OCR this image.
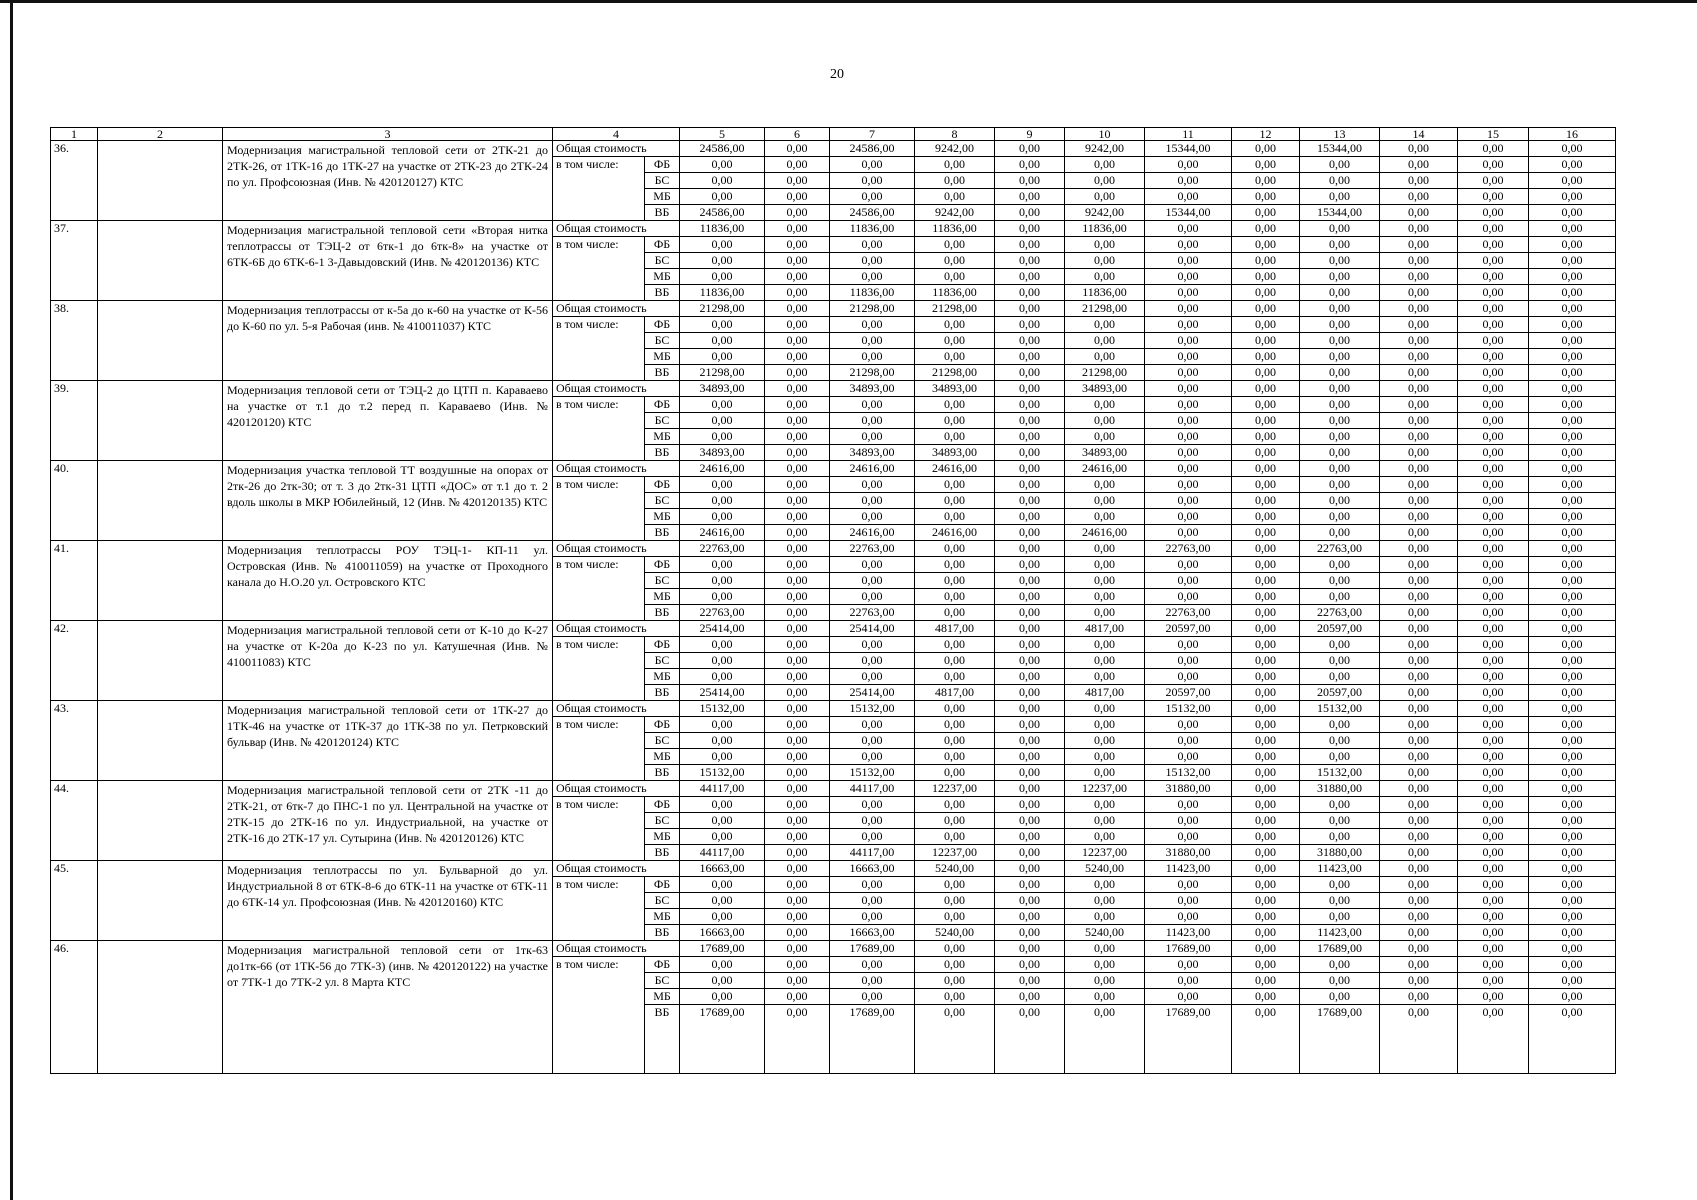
20
1	2	3	4		5	6	7	8	9	10	11	12	13	14	15	16
36.		Модернизация магистральной тепловой сети от 2ТК-21 до 2ТК-26, от 1ТК-16 до 1ТК-27 на участке от 2ТК-23 до 2ТК-24 по ул. Профсоюзная (Инв. № 420120127) КТС	Общая стоимость		24586,00	0,00	24586,00	9242,00	0,00	9242,00	15344,00	0,00	15344,00	0,00	0,00	0,00
			в том числе:	ФБ	0,00	0,00	0,00	0,00	0,00	0,00	0,00	0,00	0,00	0,00	0,00	0,00
				БС	0,00	0,00	0,00	0,00	0,00	0,00	0,00	0,00	0,00	0,00	0,00	0,00
				МБ	0,00	0,00	0,00	0,00	0,00	0,00	0,00	0,00	0,00	0,00	0,00	0,00
				ВБ	24586,00	0,00	24586,00	9242,00	0,00	9242,00	15344,00	0,00	15344,00	0,00	0,00	0,00
37.		Модернизация магистральной тепловой сети «Вторая нитка теплотрассы от ТЭЦ-2 от 6тк-1 до 6тк-8» на участке от 6ТК-6Б до 6ТК-6-1 3-Давыдовский (Инв. № 420120136) КТС	Общая стоимость		11836,00	0,00	11836,00	11836,00	0,00	11836,00	0,00	0,00	0,00	0,00	0,00	0,00
			в том числе:	ФБ	0,00	0,00	0,00	0,00	0,00	0,00	0,00	0,00	0,00	0,00	0,00	0,00
				БС	0,00	0,00	0,00	0,00	0,00	0,00	0,00	0,00	0,00	0,00	0,00	0,00
				МБ	0,00	0,00	0,00	0,00	0,00	0,00	0,00	0,00	0,00	0,00	0,00	0,00
				ВБ	11836,00	0,00	11836,00	11836,00	0,00	11836,00	0,00	0,00	0,00	0,00	0,00	0,00
38.		Модернизация теплотрассы от к-5а до к-60 на участке от К-56 до К-60 по ул. 5-я Рабочая (инв. № 410011037) КТС	Общая стоимость		21298,00	0,00	21298,00	21298,00	0,00	21298,00	0,00	0,00	0,00	0,00	0,00	0,00
			в том числе:	ФБ	0,00	0,00	0,00	0,00	0,00	0,00	0,00	0,00	0,00	0,00	0,00	0,00
				БС	0,00	0,00	0,00	0,00	0,00	0,00	0,00	0,00	0,00	0,00	0,00	0,00
				МБ	0,00	0,00	0,00	0,00	0,00	0,00	0,00	0,00	0,00	0,00	0,00	0,00
				ВБ	21298,00	0,00	21298,00	21298,00	0,00	21298,00	0,00	0,00	0,00	0,00	0,00	0,00
39.		Модернизация тепловой сети от ТЭЦ-2 до ЦТП п. Караваево на участке от т.1 до т.2 перед п. Караваево (Инв. № 420120120) КТС	Общая стоимость		34893,00	0,00	34893,00	34893,00	0,00	34893,00	0,00	0,00	0,00	0,00	0,00	0,00
			в том числе:	ФБ	0,00	0,00	0,00	0,00	0,00	0,00	0,00	0,00	0,00	0,00	0,00	0,00
				БС	0,00	0,00	0,00	0,00	0,00	0,00	0,00	0,00	0,00	0,00	0,00	0,00
				МБ	0,00	0,00	0,00	0,00	0,00	0,00	0,00	0,00	0,00	0,00	0,00	0,00
				ВБ	34893,00	0,00	34893,00	34893,00	0,00	34893,00	0,00	0,00	0,00	0,00	0,00	0,00
40.		Модернизация участка тепловой ТТ воздушные на опорах от 2тк-26 до 2тк-30; от т. 3 до 2тк-31 ЦТП «ДОС» от т.1 до т. 2 вдоль школы в МКР Юбилейный, 12 (Инв. № 420120135) КТС	Общая стоимость		24616,00	0,00	24616,00	24616,00	0,00	24616,00	0,00	0,00	0,00	0,00	0,00	0,00
			в том числе:	ФБ	0,00	0,00	0,00	0,00	0,00	0,00	0,00	0,00	0,00	0,00	0,00	0,00
				БС	0,00	0,00	0,00	0,00	0,00	0,00	0,00	0,00	0,00	0,00	0,00	0,00
				МБ	0,00	0,00	0,00	0,00	0,00	0,00	0,00	0,00	0,00	0,00	0,00	0,00
				ВБ	24616,00	0,00	24616,00	24616,00	0,00	24616,00	0,00	0,00	0,00	0,00	0,00	0,00
41.		Модернизация теплотрассы РОУ ТЭЦ-1- КП-11 ул. Островская (Инв. № 410011059) на участке от Проходного канала до Н.О.20 ул. Островского КТС	Общая стоимость		22763,00	0,00	22763,00	0,00	0,00	0,00	22763,00	0,00	22763,00	0,00	0,00	0,00
			в том числе:	ФБ	0,00	0,00	0,00	0,00	0,00	0,00	0,00	0,00	0,00	0,00	0,00	0,00
				БС	0,00	0,00	0,00	0,00	0,00	0,00	0,00	0,00	0,00	0,00	0,00	0,00
				МБ	0,00	0,00	0,00	0,00	0,00	0,00	0,00	0,00	0,00	0,00	0,00	0,00
				ВБ	22763,00	0,00	22763,00	0,00	0,00	0,00	22763,00	0,00	22763,00	0,00	0,00	0,00
42.		Модернизация магистральной тепловой сети от К-10 до К-27 на участке от К-20а до К-23 по ул. Катушечная (Инв. № 410011083) КТС	Общая стоимость		25414,00	0,00	25414,00	4817,00	0,00	4817,00	20597,00	0,00	20597,00	0,00	0,00	0,00
			в том числе:	ФБ	0,00	0,00	0,00	0,00	0,00	0,00	0,00	0,00	0,00	0,00	0,00	0,00
				БС	0,00	0,00	0,00	0,00	0,00	0,00	0,00	0,00	0,00	0,00	0,00	0,00
				МБ	0,00	0,00	0,00	0,00	0,00	0,00	0,00	0,00	0,00	0,00	0,00	0,00
				ВБ	25414,00	0,00	25414,00	4817,00	0,00	4817,00	20597,00	0,00	20597,00	0,00	0,00	0,00
43.		Модернизация магистральной тепловой сети от 1ТК-27 до 1ТК-46 на участке от 1ТК-37 до 1ТК-38 по ул. Петрковский бульвар (Инв. № 420120124) КТС	Общая стоимость		15132,00	0,00	15132,00	0,00	0,00	0,00	15132,00	0,00	15132,00	0,00	0,00	0,00
			в том числе:	ФБ	0,00	0,00	0,00	0,00	0,00	0,00	0,00	0,00	0,00	0,00	0,00	0,00
				БС	0,00	0,00	0,00	0,00	0,00	0,00	0,00	0,00	0,00	0,00	0,00	0,00
				МБ	0,00	0,00	0,00	0,00	0,00	0,00	0,00	0,00	0,00	0,00	0,00	0,00
				ВБ	15132,00	0,00	15132,00	0,00	0,00	0,00	15132,00	0,00	15132,00	0,00	0,00	0,00
44.		Модернизация магистральной тепловой сети от 2ТК -11 до 2ТК-21, от 6тк-7 до ПНС-1 по ул. Центральной на участке от 2ТК-15 до 2ТК-16 по ул. Индустриальной, на участке от 2ТК-16 до 2ТК-17 ул. Сутырина (Инв. № 420120126) КТС	Общая стоимость		44117,00	0,00	44117,00	12237,00	0,00	12237,00	31880,00	0,00	31880,00	0,00	0,00	0,00
			в том числе:	ФБ	0,00	0,00	0,00	0,00	0,00	0,00	0,00	0,00	0,00	0,00	0,00	0,00
				БС	0,00	0,00	0,00	0,00	0,00	0,00	0,00	0,00	0,00	0,00	0,00	0,00
				МБ	0,00	0,00	0,00	0,00	0,00	0,00	0,00	0,00	0,00	0,00	0,00	0,00
				ВБ	44117,00	0,00	44117,00	12237,00	0,00	12237,00	31880,00	0,00	31880,00	0,00	0,00	0,00
45.		Модернизация теплотрассы по ул. Бульварной до ул. Индустриальной 8 от 6ТК-8-6 до 6ТК-11 на участке от 6ТК-11 до 6ТК-14 ул. Профсоюзная (Инв. № 420120160) КТС	Общая стоимость		16663,00	0,00	16663,00	5240,00	0,00	5240,00	11423,00	0,00	11423,00	0,00	0,00	0,00
			в том числе:	ФБ	0,00	0,00	0,00	0,00	0,00	0,00	0,00	0,00	0,00	0,00	0,00	0,00
				БС	0,00	0,00	0,00	0,00	0,00	0,00	0,00	0,00	0,00	0,00	0,00	0,00
				МБ	0,00	0,00	0,00	0,00	0,00	0,00	0,00	0,00	0,00	0,00	0,00	0,00
				ВБ	16663,00	0,00	16663,00	5240,00	0,00	5240,00	11423,00	0,00	11423,00	0,00	0,00	0,00
46.		Модернизация магистральной тепловой сети от 1тк-63 до1тк-66 (от 1ТК-56 до 7ТК-3) (инв. № 420120122) на участке от 7ТК-1 до 7ТК-2 ул. 8 Марта КТС	Общая стоимость		17689,00	0,00	17689,00	0,00	0,00	0,00	17689,00	0,00	17689,00	0,00	0,00	0,00
			в том числе:	ФБ	0,00	0,00	0,00	0,00	0,00	0,00	0,00	0,00	0,00	0,00	0,00	0,00
				БС	0,00	0,00	0,00	0,00	0,00	0,00	0,00	0,00	0,00	0,00	0,00	0,00
				МБ	0,00	0,00	0,00	0,00	0,00	0,00	0,00	0,00	0,00	0,00	0,00	0,00
				ВБ	17689,00	0,00	17689,00	0,00	0,00	0,00	17689,00	0,00	17689,00	0,00	0,00	0,00
